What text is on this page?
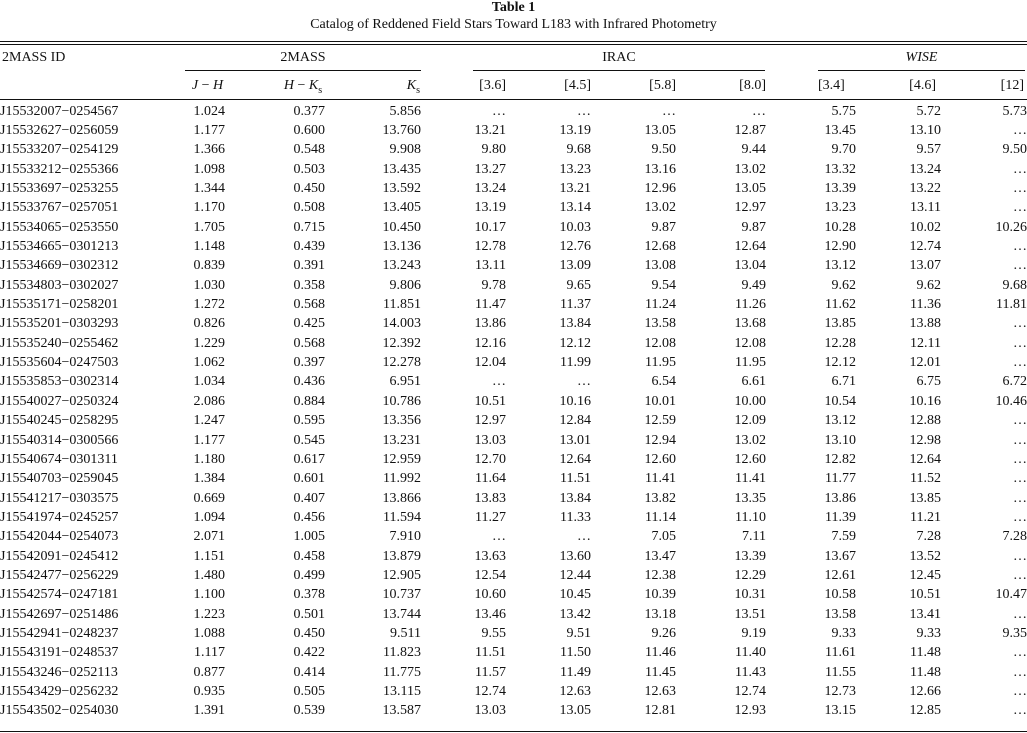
Table 1
Catalog of Reddened Field Stars Toward L183 with Infrared Photometry
2MASS ID	2MASS	IRAC	WISE
J − H	$H - K_s$	$K_s$	[3.6]	[4.5]	[5.8]	[8.0]	[3.4]	[4.6]	[12]
J15532007−0254567	1.024	0.377	5.856	…	…	…	…	5.75	5.72	5.73
J15532627−0256059	1.177	0.600	13.760	13.21	13.19	13.05	12.87	13.45	13.10	…
J15533207−0254129	1.366	0.548	9.908	9.80	9.68	9.50	9.44	9.70	9.57	9.50
J15533212−0255366	1.098	0.503	13.435	13.27	13.23	13.16	13.02	13.32	13.24	…
J15533697−0253255	1.344	0.450	13.592	13.24	13.21	12.96	13.05	13.39	13.22	…
J15533767−0257051	1.170	0.508	13.405	13.19	13.14	13.02	12.97	13.23	13.11	…
J15534065−0253550	1.705	0.715	10.450	10.17	10.03	9.87	9.87	10.28	10.02	10.26
J15534665−0301213	1.148	0.439	13.136	12.78	12.76	12.68	12.64	12.90	12.74	…
J15534669−0302312	0.839	0.391	13.243	13.11	13.09	13.08	13.04	13.12	13.07	…
J15534803−0302027	1.030	0.358	9.806	9.78	9.65	9.54	9.49	9.62	9.62	9.68
J15535171−0258201	1.272	0.568	11.851	11.47	11.37	11.24	11.26	11.62	11.36	11.81
J15535201−0303293	0.826	0.425	14.003	13.86	13.84	13.58	13.68	13.85	13.88	…
J15535240−0255462	1.229	0.568	12.392	12.16	12.12	12.08	12.08	12.28	12.11	…
J15535604−0247503	1.062	0.397	12.278	12.04	11.99	11.95	11.95	12.12	12.01	…
J15535853−0302314	1.034	0.436	6.951	…	…	6.54	6.61	6.71	6.75	6.72
J15540027−0250324	2.086	0.884	10.786	10.51	10.16	10.01	10.00	10.54	10.16	10.46
J15540245−0258295	1.247	0.595	13.356	12.97	12.84	12.59	12.09	13.12	12.88	…
J15540314−0300566	1.177	0.545	13.231	13.03	13.01	12.94	13.02	13.10	12.98	…
J15540674−0301311	1.180	0.617	12.959	12.70	12.64	12.60	12.60	12.82	12.64	…
J15540703−0259045	1.384	0.601	11.992	11.64	11.51	11.41	11.41	11.77	11.52	…
J15541217−0303575	0.669	0.407	13.866	13.83	13.84	13.82	13.35	13.86	13.85	…
J15541974−0245257	1.094	0.456	11.594	11.27	11.33	11.14	11.10	11.39	11.21	…
J15542044−0254073	2.071	1.005	7.910	…	…	7.05	7.11	7.59	7.28	7.28
J15542091−0245412	1.151	0.458	13.879	13.63	13.60	13.47	13.39	13.67	13.52	…
J15542477−0256229	1.480	0.499	12.905	12.54	12.44	12.38	12.29	12.61	12.45	…
J15542574−0247181	1.100	0.378	10.737	10.60	10.45	10.39	10.31	10.58	10.51	10.47
J15542697−0251486	1.223	0.501	13.744	13.46	13.42	13.18	13.51	13.58	13.41	…
J15542941−0248237	1.088	0.450	9.511	9.55	9.51	9.26	9.19	9.33	9.33	9.35
J15543191−0248537	1.117	0.422	11.823	11.51	11.50	11.46	11.40	11.61	11.48	…
J15543246−0252113	0.877	0.414	11.775	11.57	11.49	11.45	11.43	11.55	11.48	…
J15543429−0256232	0.935	0.505	13.115	12.74	12.63	12.63	12.74	12.73	12.66	…
J15543502−0254030	1.391	0.539	13.587	13.03	13.05	12.81	12.93	13.15	12.85	…
